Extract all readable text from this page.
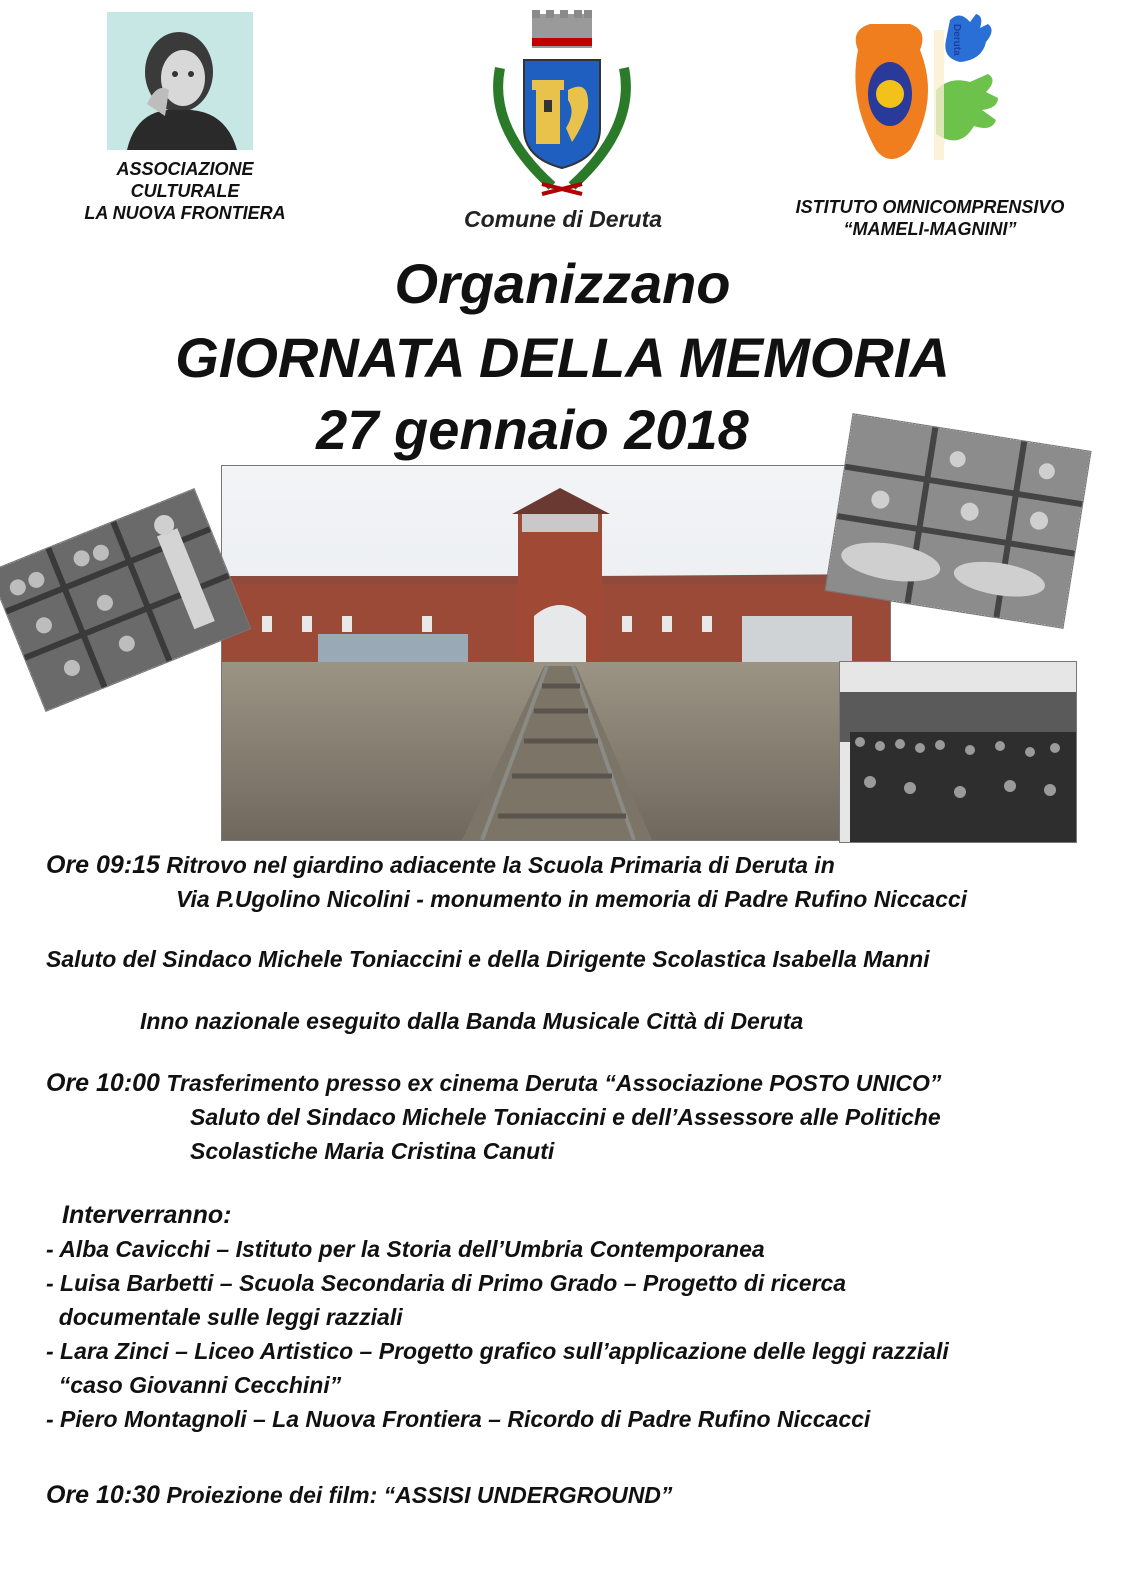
ASSOCIAZIONE CULTURALE
LA NUOVA FRONTIERA	Comune di Deruta
Deruta
ISTITUTO OMNICOMPRENSIVO
“MAMELI-MAGNINI”
Organizzano
GIORNATA DELLA MEMORIA
27 gennaio 2018
Ore 09:15 Ritrovo nel giardino adiacente la Scuola Primaria di Deruta in
Via P.Ugolino Nicolini - monumento in memoria di Padre Rufino Niccacci
Saluto del Sindaco Michele Toniaccini e della Dirigente Scolastica Isabella Manni
Inno nazionale eseguito dalla Banda Musicale Città di Deruta
Ore 10:00 Trasferimento presso ex cinema Deruta “Associazione POSTO UNICO”
Saluto del Sindaco Michele Toniaccini e dell’Assessore alle Politiche
Scolastiche Maria Cristina Canuti
Interverranno:
- Alba Cavicchi – Istituto per la Storia dell’Umbria Contemporanea
- Luisa Barbetti – Scuola Secondaria di Primo Grado – Progetto di ricerca
documentale sulle leggi razziali
- Lara Zinci – Liceo Artistico – Progetto grafico sull’applicazione delle leggi razziali
“caso Giovanni Cecchini”
- Piero Montagnoli – La Nuova Frontiera – Ricordo di Padre Rufino Niccacci
Ore 10:30 Proiezione dei film: “ASSISI UNDERGROUND”
